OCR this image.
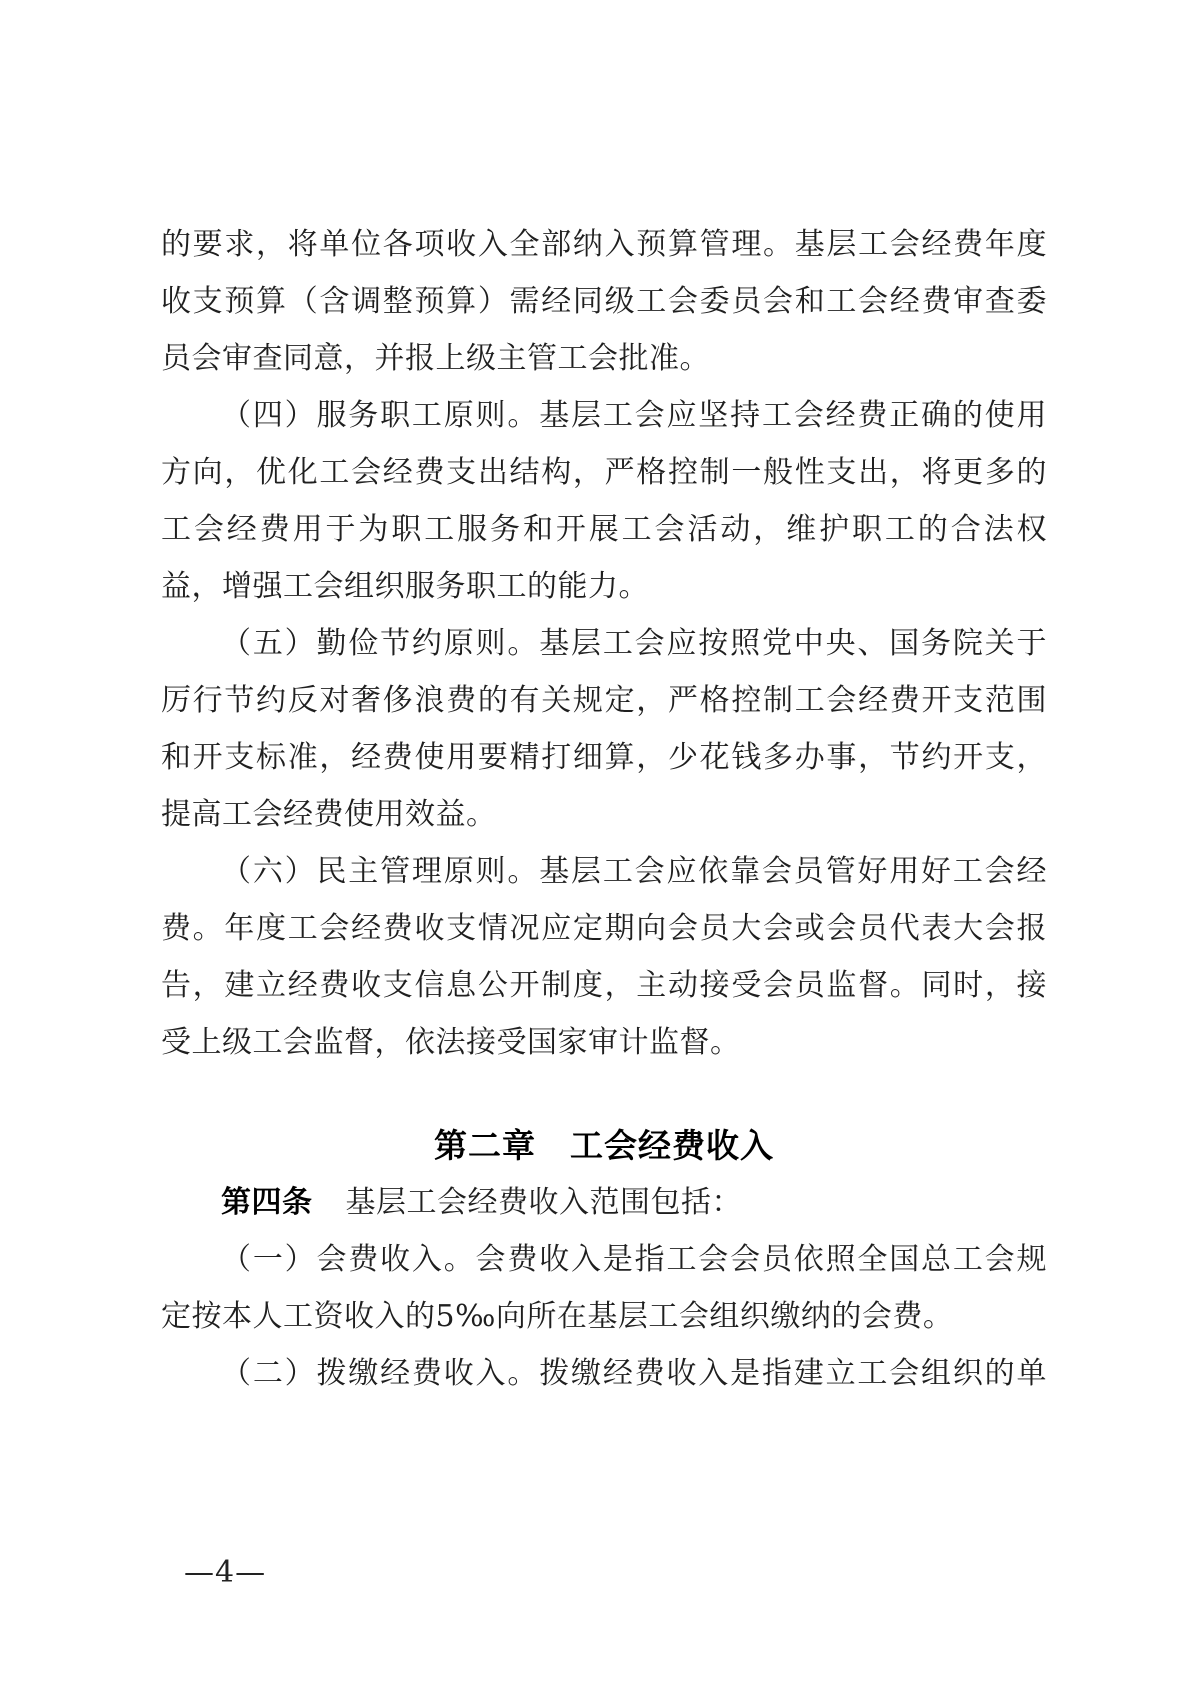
的要求，将单位各项收入全部纳入预算管理。基层工会经费年度
收支预算（含调整预算）需经同级工会委员会和工会经费审查委
员会审查同意，并报上级主管工会批准。
（四）服务职工原则。基层工会应坚持工会经费正确的使用
方向，优化工会经费支出结构，严格控制一般性支出，将更多的
工会经费用于为职工服务和开展工会活动，维护职工的合法权
益，增强工会组织服务职工的能力。
（五）勤俭节约原则。基层工会应按照党中央、国务院关于
厉行节约反对奢侈浪费的有关规定，严格控制工会经费开支范围
和开支标准，经费使用要精打细算，少花钱多办事，节约开支，
提高工会经费使用效益。
（六）民主管理原则。基层工会应依靠会员管好用好工会经
费。年度工会经费收支情况应定期向会员大会或会员代表大会报
告，建立经费收支信息公开制度，主动接受会员监督。同时，接
受上级工会监督，依法接受国家审计监督。
第二章　工会经费收入
第四条 基层工会经费收入范围包括：
（一）会费收入。会费收入是指工会会员依照全国总工会规
定按本人工资收入的5‰向所在基层工会组织缴纳的会费。
（二）拨缴经费收入。拨缴经费收入是指建立工会组织的单
—4—
